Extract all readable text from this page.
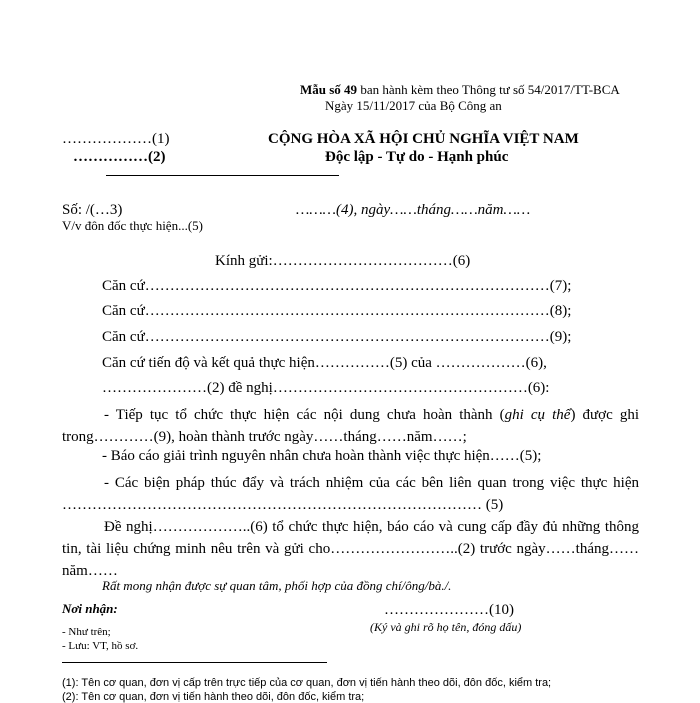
Mẫu số 49 ban hành kèm theo Thông tư số 54/2017/TT-BCA
Ngày 15/11/2017 của Bộ Công an
………………(1)
……………(2)
CỘNG HÒA XÃ HỘI CHỦ NGHĨA VIỆT NAM
Độc lập - Tự do - Hạnh phúc
Số: /(…3)
V/v đôn đốc thực hiện...(5)
………(4), ngày……tháng……năm……
Kính gửi:………………………………(6)
Căn cứ………………………………………………………………………(7);
Căn cứ………………………………………………………………………(8);
Căn cứ………………………………………………………………………(9);
Căn cứ tiến độ và kết quả thực hiện……………(5) của ………………(6),
…………………(2) đề nghị……………………………………………(6):
- Tiếp tục tổ chức thực hiện các nội dung chưa hoàn thành (ghi cụ thể) được ghi trong…………(9), hoàn thành trước ngày……tháng……năm……;
- Báo cáo giải trình nguyên nhân chưa hoàn thành việc thực hiện……(5);
- Các biện pháp thúc đẩy và trách nhiệm của các bên liên quan trong việc thực hiện ………………………………………………………………………… (5)
Đề nghị………………..(6) tổ chức thực hiện, báo cáo và cung cấp đầy đủ những thông tin, tài liệu chứng minh nêu trên và gửi cho……………………..(2) trước ngày……tháng……năm……
Rất mong nhận được sự quan tâm, phối hợp của đồng chí/ông/bà./.
Nơi nhận:
- Như trên;
- Lưu: VT, hồ sơ.
…………………(10)
(Ký và ghi rõ họ tên, đóng dấu)
(1): Tên cơ quan, đơn vị cấp trên trực tiếp của cơ quan, đơn vị tiến hành theo dõi, đôn đốc, kiểm tra;
(2): Tên cơ quan, đơn vị tiến hành theo dõi, đôn đốc, kiểm tra;
